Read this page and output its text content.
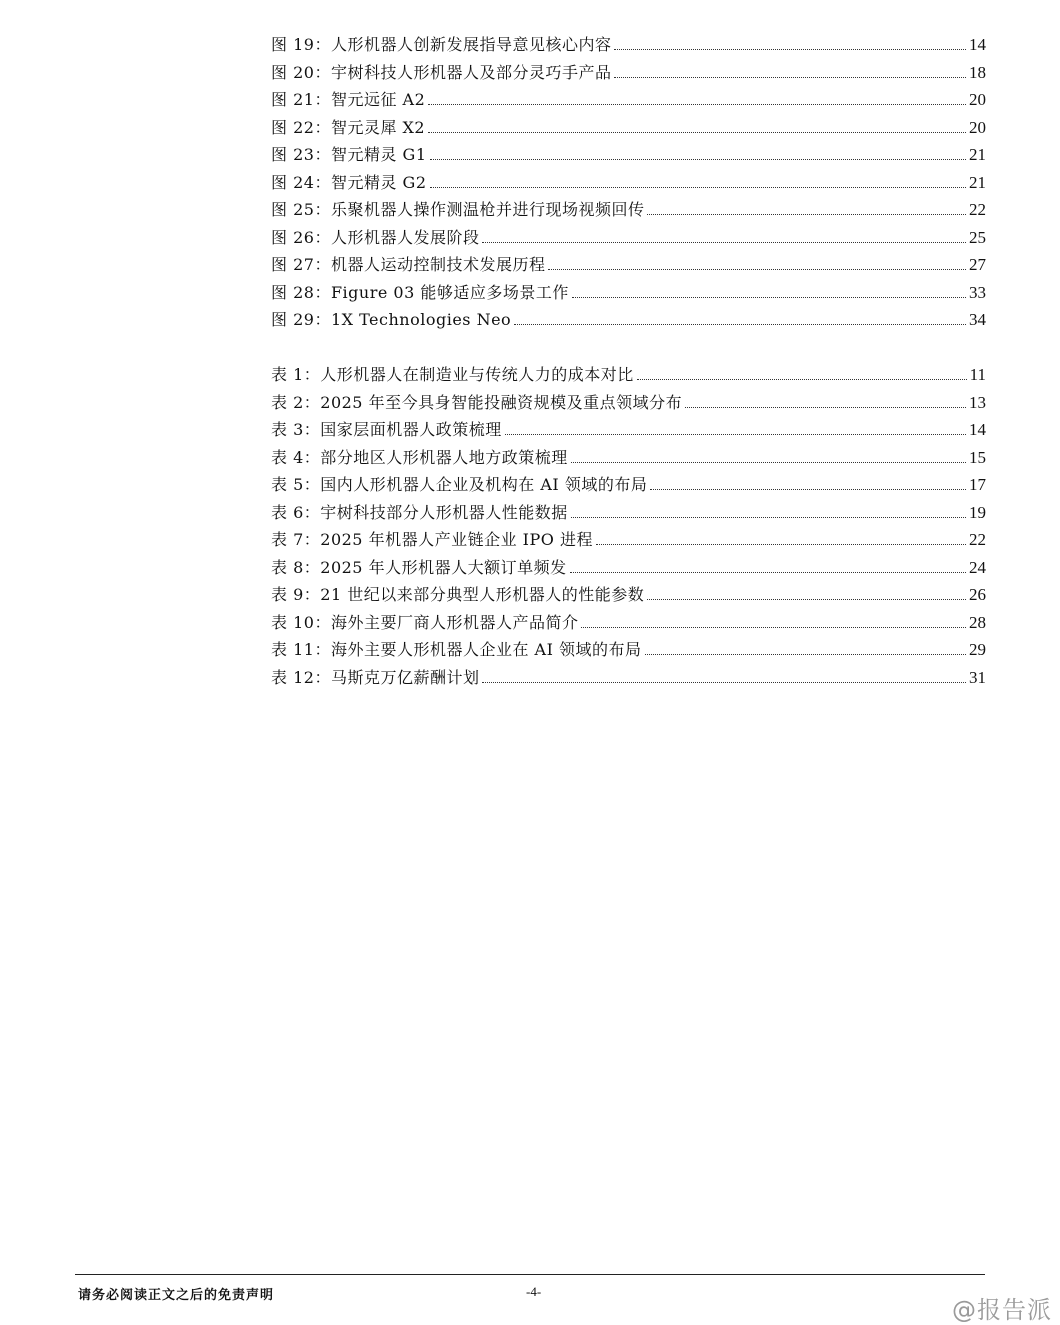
图 19：人形机器人创新发展指导意见核心内容	14
图 20：宇树科技人形机器人及部分灵巧手产品	18
图 21：智元远征 A2	20
图 22：智元灵犀 X2	20
图 23：智元精灵 G1	21
图 24：智元精灵 G2	21
图 25：乐聚机器人操作测温枪并进行现场视频回传	22
图 26：人形机器人发展阶段	25
图 27：机器人运动控制技术发展历程	27
图 28：Figure 03 能够适应多场景工作	33
图 29：1X Technologies Neo	34
表 1：人形机器人在制造业与传统人力的成本对比	11
表 2：2025 年至今具身智能投融资规模及重点领域分布	13
表 3：国家层面机器人政策梳理	14
表 4：部分地区人形机器人地方政策梳理	15
表 5：国内人形机器人企业及机构在 AI 领域的布局	17
表 6：宇树科技部分人形机器人性能数据	19
表 7：2025 年机器人产业链企业 IPO 进程	22
表 8：2025 年人形机器人大额订单频发	24
表 9：21 世纪以来部分典型人形机器人的性能参数	26
表 10：海外主要厂商人形机器人产品简介	28
表 11：海外主要人形机器人企业在 AI 领域的布局	29
表 12：马斯克万亿薪酬计划	31
请务必阅读正文之后的免责声明	-4-
@报告派
